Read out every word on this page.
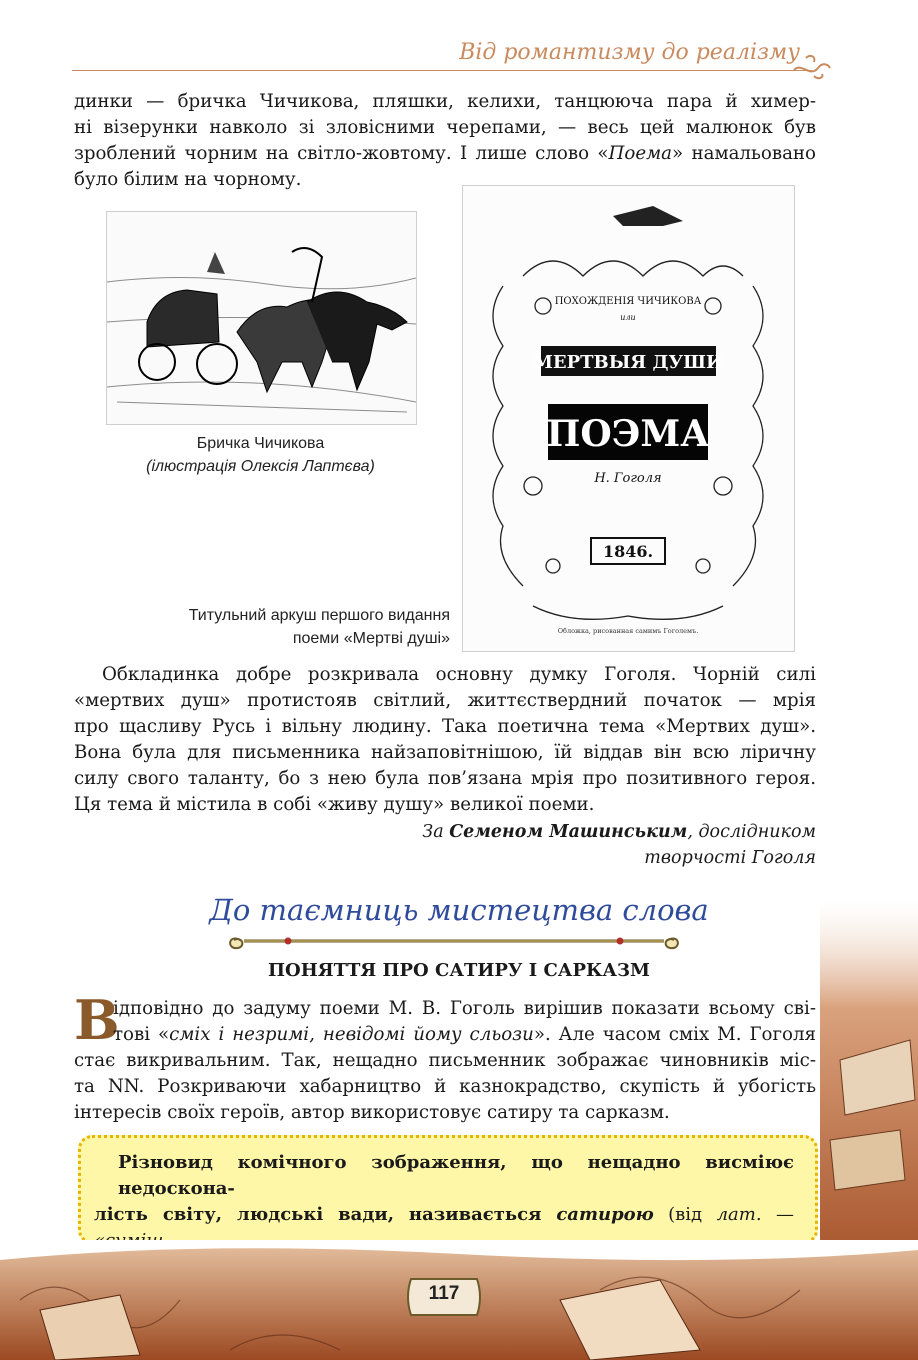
Від романтизму до реалізму
динки — бричка Чичикова, пляшки, келихи, танцююча пара й химер-
ні візерунки навколо зі зловісними черепами, — весь цей малюнок був
зроблений чорним на світло-жовтому. І лише слово «Поема» намальовано
було білим на чорному.
Бричка Чичикова
(ілюстрація Олексія Лаптєва)
ПОХОЖДЕНІЯ ЧИЧИКОВА
или
МЕРТВЫЯ ДУШИ
ПОЭМА
Н. Гоголя
1846.
Обложка, рисованная самимъ Гоголемъ.
Титульний аркуш першого видання
поеми «Мертві душі»
Обкладинка добре розкривала основну думку Гоголя. Чорній силі
«мертвих душ» протистояв світлий, життєствердний початок — мрія
про щасливу Русь і вільну людину. Така поетична тема «Мертвих душ».
Вона була для письменника найзаповітнішою, їй віддав він всю ліричну
силу свого таланту, бо з нею була пов’язана мрія про позитивного героя.
Ця тема й містила в собі «живу душу» великої поеми.
За Семеном Машинським, дослідником
творчості Гоголя
До таємниць мистецтва слова
ПОНЯТТЯ ПРО САТИРУ І САРКАЗМ
В
ідповідно до задуму поеми М. В. Гоголь вирішив показати всьому сві-
тові «сміх і незримі, невідомі йому сльози». Але часом сміх М. Гоголя
стає викривальним. Так, нещадно письменник зображає чиновників міс-
та NN. Розкриваючи хабарництво й казнокрадство, скупість й убогість
інтересів своїх героїв, автор використовує сатиру та сарказм.
Різновид комічного зображення, що нещадно висміює недоскона-
лість світу, людські вади, називається сатирою (від лат. —
117
